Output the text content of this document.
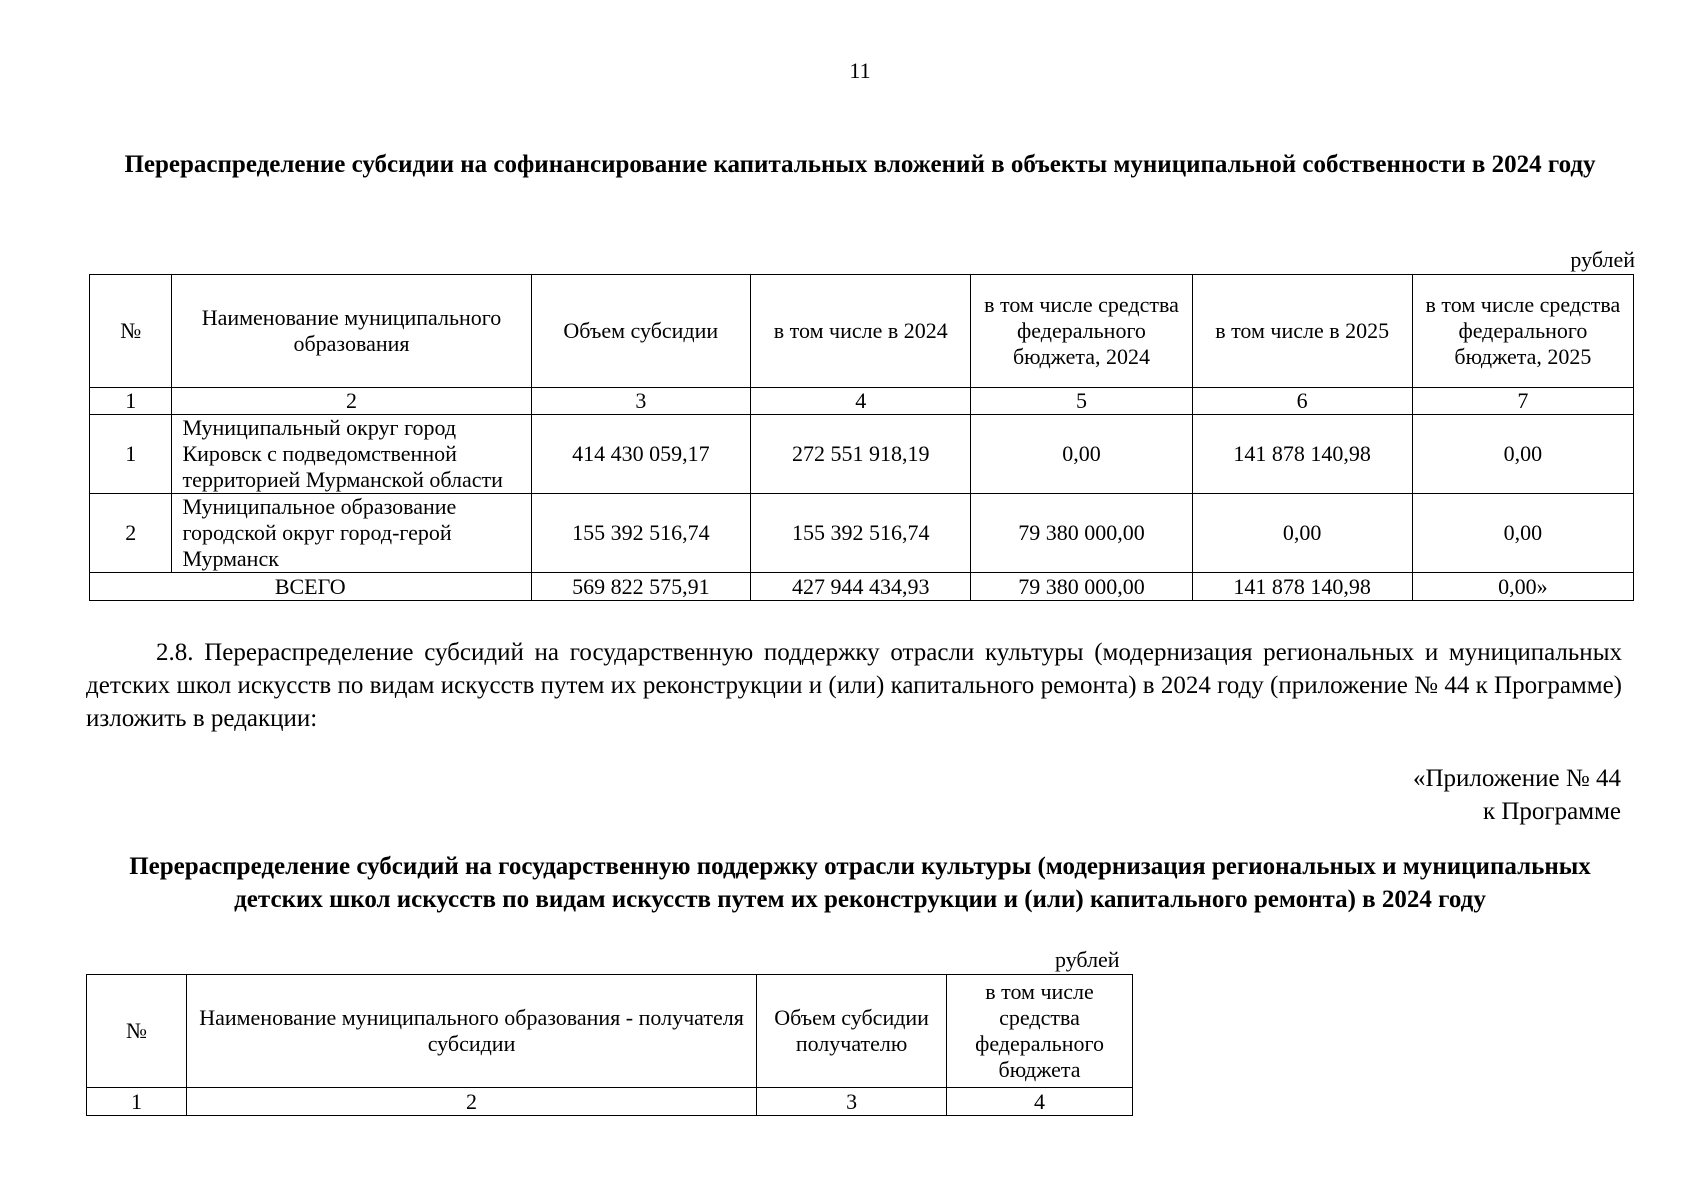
11
Перераспределение субсидии на софинансирование капитальных вложений в объекты муниципальной собственности в 2024 году
рублей
№	Наименование муниципального образования	Объем субсидии	в том числе в 2024	в том числе средства федерального бюджета, 2024	в том числе в 2025	в том числе средства федерального бюджета, 2025
1	2	3	4	5	6	7
1	Муниципальный округ город Кировск с подведомственной территорией Мурманской области	414 430 059,17	272 551 918,19	0,00	141 878 140,98	0,00
2	Муниципальное образование городской округ город-герой Мурманск	155 392 516,74	155 392 516,74	79 380 000,00	0,00	0,00
ВСЕГО		569 822 575,91	427 944 434,93	79 380 000,00	141 878 140,98	0,00»
2.8. Перераспределение субсидий на государственную поддержку отрасли культуры (модернизация региональных и муниципальных детских школ искусств по видам искусств путем их реконструкции и (или) капитального ремонта) в 2024 году (приложение № 44 к Программе) изложить в редакции:
«Приложение № 44
к Программе
Перераспределение субсидий на государственную поддержку отрасли культуры (модернизация региональных и муниципальных детских школ искусств по видам искусств путем их реконструкции и (или) капитального ремонта) в 2024 году
рублей
№	Наименование муниципального образования - получателя субсидии	Объем субсидии получателю	в том числе средства федерального бюджета
1	2	3	4
